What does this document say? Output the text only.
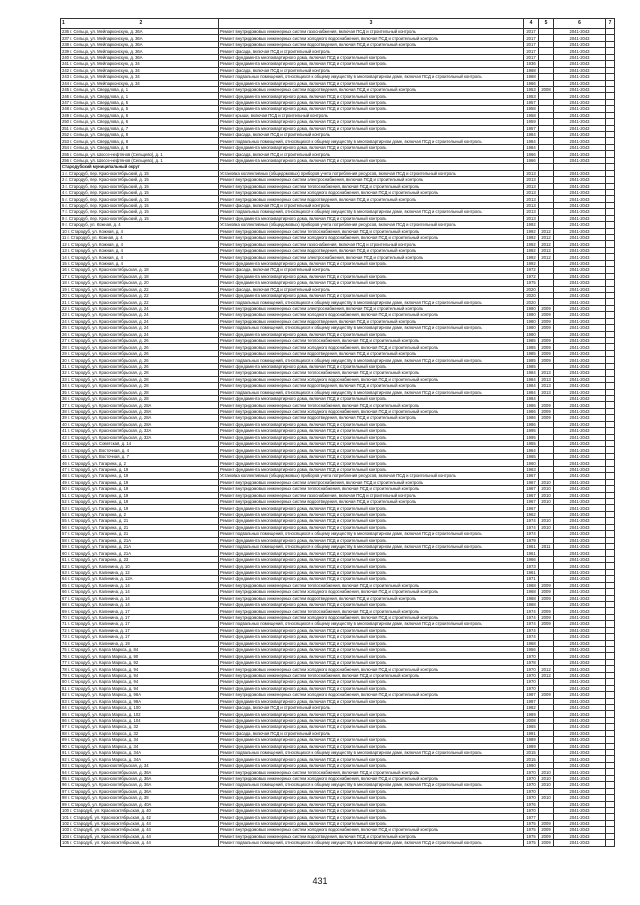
1 2	3	4	5	6	7
236 г. Сельцо, ул. Мейпарконскую, д. 36А	Ремонт внутридомовых инженерных систем газоснабжения, включая ПСД и строительный контроль	2017		2041-2043	
237 г. Сельцо, ул. Мейпарконскую, д. 36А	Ремонт внутридомовых инженерных систем холодного водоснабжения, включая ПСД и строительный контроль	2017		2041-2043	
238 г. Сельцо, ул. Мейпарконскую, д. 36А	Ремонт внутридомовых инженерных систем водоотведения, включая ПСД и строительный контроль	2017		2041-2043	
239 г. Сельцо, ул. Мейпарконскую, д. 36А	Ремонт фасада, включая ПСД и строительный контроль	2017		2041-2043	
240 г. Сельцо, ул. Мейпарконскую, д. 36А	Ремонт фундамента многоквартирного дома, включая ПСД и строительный контроль	2017		2041-2043	
241 г. Сельцо, ул. Мейпарконскую, д. 34	Ремонт фундамента многоквартирного дома, включая ПСД и строительный контроль	1936		2041-2043	
242 г. Сельцо, ул. Мейпарконскую, д. 34	Ремонт фасада, включая ПСД и строительный контроль	1968		2041-2043	
243 г. Сельцо, ул. Мейпарконскую, д. 34	Ремонт подвальных помещений, относящихся к общему имуществу в многоквартирном доме, включая ПСД и строительный контроль	1968		2041-2043	
244 г. Сельцо, ул. Мейпарконскую, д. 34	Ремонт фундамента многоквартирного дома, включая ПСД и строительный контроль	1966		2041-2043	
245 г. Сельцо, ул. Свердлова, д. 1	Ремонт внутридомовых инженерных систем водоотведения, включая ПСД и строительный контроль	1953	2008	2041-2043	
246 г. Сельцо, ул. Свердлова, д. 1	Ремонт фундамента многоквартирного дома, включая ПСД и строительный контроль	1953		2041-2043	
247 г. Сельцо, ул. Свердлова, д. 5	Ремонт фундамента многоквартирного дома, включая ПСД и строительный контроль	1957		2041-2043	
248 г. Сельцо, ул. Свердлова, д. 5	Ремонт фундамента многоквартирного дома, включая ПСД и строительный контроль	1958		2041-2043	
249 г. Сельцо, ул. Свердлова, д. 6	Ремонт крыши, включая ПСД и строительный контроль	1958		2041-2043	
250 г. Сельцо, ул. Свердлова, д. 6	Ремонт фундамента многоквартирного дома, включая ПСД и строительный контроль	1959		2041-2043	
251 г. Сельцо, ул. Свердлова, д. 7	Ремонт фундамента многоквартирного дома, включая ПСД и строительный контроль	1957		2041-2043	
252 г. Сельцо, ул. Свердлова, д. 8	Ремонт фасада, включая ПСД и строительный контроль	1984		2041-2043	
253 г. Сельцо, ул. Свердлова, д. 8	Ремонт подвальных помещений, относящихся к общему имуществу в многоквартирном доме, включая ПСД и строительный контроль	1984		2041-2043	
254 г. Сельцо, ул. Свердлова, д. 8	Ремонт фундамента многоквартирного дома, включая ПСД и строительный контроль	1984		2041-2043	
255 г. Сельцо, ул. Шоссе-нефтянов (Сельцево), д. 1	Ремонт фасада, включая ПСД и строительный контроль	1966		2041-2043	
256 г. Сельцо, ул. Шоссе-нефтянов (Сельцево), д. 1	Ремонт фундамента многоквартирного дома, включая ПСД и строительный контроль	1966		2041-2043	
Стародубский муниципальный округ					
1 г. Стародуб, пер. Краснооктябрьский, д. 15	Установка коллективных (общедомовых) приборов учета потребления ресурсов, включая ПСД и строительный контроль	2013		2041-2043	
2 г. Стародуб, пер. Краснооктябрьский, д. 15	Ремонт внутридомовых инженерных систем электроснабжения, включая ПСД и строительный контроль	2013		2041-2043	
3 г. Стародуб, пер. Краснооктябрьский, д. 15	Ремонт внутридомовых инженерных систем теплоснабжения, включая ПСД и строительный контроль	2013		2041-2043	
4 г. Стародуб, пер. Краснооктябрьский, д. 15	Ремонт внутридомовых инженерных систем холодного водоснабжения, включая ПСД и строительный контроль	2013		2041-2043	
5 г. Стародуб, пер. Краснооктябрьский, д. 15	Ремонт внутридомовых инженерных систем водоотведения, включая ПСД и строительный контроль	2013		2041-2043	
6 г. Стародуб, пер. Краснооктябрьский, д. 15	Ремонт фасада, включая ПСД и строительный контроль	2013		2041-2043	
7 г. Стародуб, пер. Краснооктябрьский, д. 15	Ремонт подвальных помещений, относящихся к общему имуществу в многоквартирном доме, включая ПСД и строительный контроль	2013		2041-2043	
8 г. Стародуб, пер. Краснооктябрьский, д. 15	Ремонт фундамента многоквартирного дома, включая ПСД и строительный контроль	2013		2041-2043	
9 г. Стародуб, ул. Кожная, д. 4	Установка коллективных (общедомовых) приборов учета потребления ресурсов, включая ПСД и строительный контроль	1992		2041-2043	
10 г. Стародуб, ул. Кожная, д. 4	Ремонт внутридомовых инженерных систем теплоснабжения, включая ПСД и строительный контроль	1992	2012	2041-2043	
11 г. Стародуб, ул. Кожная, д. 4	Ремонт внутридомовых инженерных систем холодного водоснабжения, включая ПСД и строительный контроль	1992	2012	2041-2043	
12 г. Стародуб, ул. Кожная, д. 4	Ремонт внутридомовых инженерных систем газоснабжения, включая ПСД и строительный контроль	1992	2012	2041-2043	
13 г. Стародуб, ул. Кожная, д. 4	Ремонт внутридомовых инженерных систем водоотведения, включая ПСД и строительный контроль	1992	2012	2041-2043	
14 г. Стародуб, ул. Кожная, д. 4	Ремонт внутридомовых инженерных систем электроснабжения, включая ПСД и строительный контроль	1992	2012	2041-2043	
15 г. Стародуб, ул. Кожная, д. 4	Ремонт фундамента многоквартирного дома, включая ПСД и строительный контроль	1992		2041-2043	
16 г. Стародуб, ул. Краснооктябрьская, д. 18	Ремонт фасада, включая ПСД и строительный контроль	1972		2041-2043	
17 г. Стародуб, ул. Краснооктябрьская, д. 18	Ремонт фундамента многоквартирного дома, включая ПСД и строительный контроль	1972		2041-2043	
18 г. Стародуб, ул. Краснооктябрьская, д. 20	Ремонт фундамента многоквартирного дома, включая ПСД и строительный контроль	1975		2041-2043	
19 г. Стародуб, ул. Краснооктябрьская, д. 22	Ремонт фасада, включая ПСД и строительный контроль	2020		2041-2043	
20 г. Стародуб, ул. Краснооктябрьская, д. 22	Ремонт фундамента многоквартирного дома, включая ПСД и строительный контроль	2020		2041-2043	
21 г. Стародуб, ул. Краснооктябрьская, д. 22	Ремонт подвальных помещений, относящихся к общему имуществу в многоквартирном доме, включая ПСД и строительный контроль	2020		2041-2043	
22 г. Стародуб, ул. Краснооктябрьская, д. 24	Ремонт внутридомовых инженерных систем электроснабжения, включая ПСД и строительный контроль	1980	2009	2041-2043	
23 г. Стародуб, ул. Краснооктябрьская, д. 24	Ремонт внутридомовых инженерных систем холодного водоснабжения, включая ПСД и строительный контроль	1980	2009	2041-2043	
24 г. Стародуб, ул. Краснооктябрьская, д. 24	Ремонт внутридомовых инженерных систем водоотведения, включая ПСД и строительный контроль	1980	2009	2041-2043	
25 г. Стародуб, ул. Краснооктябрьская, д. 24	Ремонт подвальных помещений, относящихся к общему имуществу в многоквартирном доме, включая ПСД и строительный контроль	1980	2009	2041-2043	
26 г. Стародуб, ул. Краснооктябрьская, д. 24	Ремонт фундамента многоквартирного дома, включая ПСД и строительный контроль	1980		2041-2043	
27 г. Стародуб, ул. Краснооктябрьская, д. 26	Ремонт внутридомовых инженерных систем теплоснабжения, включая ПСД и строительный контроль	1985	2009	2041-2043	
28 г. Стародуб, ул. Краснооктябрьская, д. 26	Ремонт внутридомовых инженерных систем холодного водоснабжения, включая ПСД и строительный контроль	1985	2009	2041-2043	
29 г. Стародуб, ул. Краснооктябрьская, д. 26	Ремонт внутридомовых инженерных систем водоотведения, включая ПСД и строительный контроль	1985	2009	2041-2043	
30 г. Стародуб, ул. Краснооктябрьская, д. 26	Ремонт подвальных помещений, относящихся к общему имуществу в многоквартирном доме, включая ПСД и строительный контроль	1985	2009	2041-2043	
31 г. Стародуб, ул. Краснооктябрьская, д. 26	Ремонт фундамента многоквартирного дома, включая ПСД и строительный контроль	1985		2041-2043	
32 г. Стародуб, ул. Краснооктябрьская, д. 28	Ремонт внутридомовых инженерных систем теплоснабжения, включая ПСД и строительный контроль	1984	2013	2041-2043	
33 г. Стародуб, ул. Краснооктябрьская, д. 28	Ремонт внутридомовых инженерных систем холодного водоснабжения, включая ПСД и строительный контроль	1984	2013	2041-2043	
34 г. Стародуб, ул. Краснооктябрьская, д. 28	Ремонт внутридомовых инженерных систем водоотведения, включая ПСД и строительный контроль	1984	2013	2041-2043	
35 г. Стародуб, ул. Краснооктябрьская, д. 28	Ремонт подвальных помещений, относящихся к общему имуществу в многоквартирном доме, включая ПСД и строительный контроль	1984	2013	2041-2043	
36 г. Стародуб, ул. Краснооктябрьская, д. 28	Ремонт фундамента многоквартирного дома, включая ПСД и строительный контроль	1984		2041-2043	
37 г. Стародуб, ул. Краснооктябрьская, д. 28А	Ремонт внутридомовых инженерных систем теплоснабжения, включая ПСД и строительный контроль	1986	2009	2041-2043	
38 г. Стародуб, ул. Краснооктябрьская, д. 28А	Ремонт внутридомовых инженерных систем холодного водоснабжения, включая ПСД и строительный контроль	1986	2009	2041-2043	
39 г. Стародуб, ул. Краснооктябрьская, д. 28А	Ремонт внутридомовых инженерных систем водоотведения, включая ПСД и строительный контроль	1986	2009	2041-2043	
40 г. Стародуб, ул. Краснооктябрьская, д. 28А	Ремонт фундамента многоквартирного дома, включая ПСД и строительный контроль	1986		2041-2043	
41 г. Стародуб, ул. Краснооктябрьская, д. 32А	Ремонт фундамента многоквартирного дома, включая ПСД и строительный контроль	1995		2041-2043	
42 г. Стародуб, ул. Краснооктябрьская, д. 32А	Ремонт фундамента многоквартирного дома, включая ПСД и строительный контроль	1995		2041-2043	
43 г. Стародуб, ул. Советская, д. 14	Ремонт фундамента многоквартирного дома, включая ПСД и строительный контроль	1955		2041-2043	
44 г. Стародуб, ул. Восточная, д. 4	Ремонт фундамента многоквартирного дома, включая ПСД и строительный контроль	1964		2041-2043	
45 г. Стародуб, ул. Восточная, д. 7	Ремонт фундамента многоквартирного дома, включая ПСД и строительный контроль	1965		2041-2043	
46 г. Стародуб, ул. Гагарина, д. 2	Ремонт фундамента многоквартирного дома, включая ПСД и строительный контроль	1960		2041-2043	
47 г. Стародуб, ул. Гагарина, д. 19	Ремонт фундамента многоквартирного дома, включая ПСД и строительный контроль	1963		2041-2043	
48 г. Стародуб, ул. Гагарина, д. 19	Установка коллективных (общедомовых) приборов учета потребления ресурсов, включая ПСД и строительный контроль	1967		2041-2043	
49 г. Стародуб, ул. Гагарина, д. 19	Ремонт внутридомовых инженерных систем электроснабжения, включая ПСД и строительный контроль	1967	2010	2041-2043	
50 г. Стародуб, ул. Гагарина, д. 19	Ремонт внутридомовых инженерных систем теплоснабжения, включая ПСД и строительный контроль	1967	2010	2041-2043	
51 г. Стародуб, ул. Гагарина, д. 19	Ремонт внутридомовых инженерных систем газоснабжения, включая ПСД и строительный контроль	1967	2010	2041-2043	
52 г. Стародуб, ул. Гагарина, д. 19	Ремонт внутридомовых инженерных систем водоотведения, включая ПСД и строительный контроль	1967	2010	2041-2043	
53 г. Стародуб, ул. Гагарина, д. 19	Ремонт фундамента многоквартирного дома, включая ПСД и строительный контроль	1967		2041-2043	
54 г. Стародуб, ул. Гагарина, д. 2	Ремонт фундамента многоквартирного дома, включая ПСД и строительный контроль	1962		2041-2043	
55 г. Стародуб, ул. Гагарина, д. 21	Ремонт фундамента многоквартирного дома, включая ПСД и строительный контроль	1974	2010	2041-2043	
56 г. Стародуб, ул. Гагарина, д. 21	Ремонт фундамента многоквартирного дома, включая ПСД и строительный контроль	1974	2010	2041-2043	
57 г. Стародуб, ул. Гагарина, д. 21	Ремонт подвальных помещений, относящихся к общему имуществу в многоквартирном доме, включая ПСД и строительный контроль	1974		2041-2043	
58 г. Стародуб, ул. Гагарина, д. 21А	Ремонт фундамента многоквартирного дома, включая ПСД и строительный контроль	1979		2041-2043	
59 г. Стародуб, ул. Гагарина, д. 21А	Ремонт подвальных помещений, относящихся к общему имуществу в многоквартирном доме, включая ПСД и строительный контроль	1961	2011	2041-2043	
60 г. Стародуб, ул. Гагарина, д. 21А	Ремонт фундамента многоквартирного дома, включая ПСД и строительный контроль	1961		2041-2043	
61 г. Стародуб, ул. Гагарина, д. 23	Ремонт фундамента многоквартирного дома, включая ПСД и строительный контроль	1966		2041-2043	
62 г. Стародуб, ул. Калинина, д. 10	Ремонт фундамента многоквартирного дома, включая ПСД и строительный контроль	1973		2041-2043	
63 г. Стародуб, ул. Калинина, д. 12	Ремонт фундамента многоквартирного дома, включая ПСД и строительный контроль	1961		2041-2043	
64 г. Стародуб, ул. Калинина, д. 12А	Ремонт фундамента многоквартирного дома, включая ПСД и строительный контроль	1971		2041-2043	
65 г. Стародуб, ул. Калинина, д. 14	Ремонт внутридомовых инженерных систем теплоснабжения, включая ПСД и строительный контроль	1968	2009	2041-2043	
66 г. Стародуб, ул. Калинина, д. 14	Ремонт внутридомовых инженерных систем холодного водоснабжения, включая ПСД и строительный контроль	1968	2009	2041-2043	
67 г. Стародуб, ул. Калинина, д. 14	Ремонт внутридомовых инженерных систем водоотведения, включая ПСД и строительный контроль	1968	2009	2041-2043	
68 г. Стародуб, ул. Калинина, д. 14	Ремонт фундамента многоквартирного дома, включая ПСД и строительный контроль	1968		2041-2043	
69 г. Стародуб, ул. Калинина, д. 17	Ремонт внутридомовых инженерных систем теплоснабжения, включая ПСД и строительный контроль	1974	2009	2041-2043	
70 г. Стародуб, ул. Калинина, д. 17	Ремонт внутридомовых инженерных систем холодного водоснабжения, включая ПСД и строительный контроль	1974	2009	2041-2043	
71 г. Стародуб, ул. Калинина, д. 17	Ремонт подвальных помещений, относящихся к общему имуществу в многоквартирном доме, включая ПСД и строительный контроль	1974	2009	2041-2043	
72 г. Стародуб, ул. Калинина, д. 17	Ремонт фундамента многоквартирного дома, включая ПСД и строительный контроль	1974		2041-2043	
73 г. Стародуб, ул. Калинина, д. 17	Ремонт фундамента многоквартирного дома, включая ПСД и строительный контроль	1974		2041-2043	
74 г. Стародуб, ул. Калинина, д. 19	Ремонт фундамента многоквартирного дома, включая ПСД и строительный контроль	1968		2041-2043	
75 г. Стародуб, ул. Карла Маркса, д. 84	Ремонт фундамента многоквартирного дома, включая ПСД и строительный контроль	1956		2041-2043	
76 г. Стародуб, ул. Карла Маркса, д. 90	Ремонт фундамента многоквартирного дома, включая ПСД и строительный контроль	1970		2041-2043	
77 г. Стародуб, ул. Карла Маркса, д. 92	Ремонт фундамента многоквартирного дома, включая ПСД и строительный контроль	1978		2041-2043	
78 г. Стародуб, ул. Карла Маркса, д. 94	Ремонт внутридомовых инженерных систем холодного водоснабжения, включая ПСД и строительный контроль	1970	2012	2041-2043	
79 г. Стародуб, ул. Карла Маркса, д. 94	Ремонт внутридомовых инженерных систем теплоснабжения, включая ПСД и строительный контроль	1970	2012	2041-2043	
80 г. Стародуб, ул. Карла Маркса, д. 94	Ремонт фундамента многоквартирного дома, включая ПСД и строительный контроль	1970		2041-2043	
81 г. Стародуб, ул. Карла Маркса, д. 94	Ремонт фундамента многоквартирного дома, включая ПСД и строительный контроль	1970		2041-2043	
82 г. Стародуб, ул. Карла Маркса, д. 98А	Ремонт внутридомовых инженерных систем холодного водоснабжения, включая ПСД и строительный контроль	1987	2009	2041-2043	
83 г. Стародуб, ул. Карла Маркса, д. 98А	Ремонт фундамента многоквартирного дома, включая ПСД и строительный контроль	1987		2041-2043	
84 г. Стародуб, ул. Карла Маркса, д. 100	Ремонт фасада, включая ПСД и строительный контроль	1982		2041-2043	
85 г. Стародуб, ул. Карла Маркса, д. 102	Ремонт фундамента многоквартирного дома, включая ПСД и строительный контроль	1989		2041-2043	
86 г. Стародуб, ул. Карла Маркса, д. 104	Ремонт фундамента многоквартирного дома, включая ПСД и строительный контроль	2008		2041-2043	
87 г. Стародуб, ул. Карла Маркса, д. 32	Ремонт фундамента многоквартирного дома, включая ПСД и строительный контроль	1965		2041-2043	
88 г. Стародуб, ул. Карла Маркса, д. 32	Ремонт фасада, включая ПСД и строительный контроль	1991		2041-2043	
89 г. Стародуб, ул. Карла Маркса, д. 34	Ремонт фундамента многоквартирного дома, включая ПСД и строительный контроль	1989		2041-2043	
90 г. Стародуб, ул. Карла Маркса, д. 34	Ремонт фундамента многоквартирного дома, включая ПСД и строительный контроль	1989		2041-2043	
91 г. Стародуб, ул. Карла Маркса, д. 34А	Ремонт подвальных помещений, относящихся к общему имуществу в многоквартирном доме, включая ПСД и строительный контроль	2015		2041-2043	
92 г. Стародуб, ул. Карла Маркса, д. 34А	Ремонт фундамента многоквартирного дома, включая ПСД и строительный контроль	2015		2041-2043	
93 г. Стародуб, ул. Краснооктябрьская, д. 34	Ремонт фундамента многоквартирного дома, включая ПСД и строительный контроль	1990		2041-2043	
94 г. Стародуб, ул. Краснооктябрьская, д. 36А	Ремонт внутридомовых инженерных систем теплоснабжения, включая ПСД и строительный контроль	1970	2010	2041-2043	
95 г. Стародуб, ул. Краснооктябрьская, д. 36А	Ремонт внутридомовых инженерных систем холодного водоснабжения, включая ПСД и строительный контроль	1970	2010	2041-2043	
96 г. Стародуб, ул. Краснооктябрьская, д. 36А	Ремонт подвальных помещений, относящихся к общему имуществу в многоквартирном доме, включая ПСД и строительный контроль	1970	2010	2041-2043	
97 г. Стародуб, ул. Краснооктябрьская, д. 36А	Ремонт фундамента многоквартирного дома, включая ПСД и строительный контроль	1970		2041-2043	
98 г. Стародуб, ул. Краснооктябрьская, д. 38	Ремонт фундамента многоквартирного дома, включая ПСД и строительный контроль	1970	2010	2041-2043	
99 г. Стародуб, ул. Краснооктябрьская, д. 40А	Ремонт фундамента многоквартирного дома, включая ПСД и строительный контроль	1976		2041-2043	
100 г. Стародуб, ул. Краснооктябрьская, д. 40	Ремонт фундамента многоквартирного дома, включая ПСД и строительный контроль	1970		2041-2043	
101 г. Стародуб, ул. Краснооктябрьская, д. 42	Ремонт фундамента многоквартирного дома, включая ПСД и строительный контроль	1977		2041-2043	
102 г. Стародуб, ул. Краснооктябрьская, д. 44	Ремонт фундамента многоквартирного дома, включая ПСД и строительный контроль	1975	2009	2041-2043	
103 г. Стародуб, ул. Краснооктябрьская, д. 44	Ремонт внутридомовых инженерных систем холодного водоснабжения, включая ПСД и строительный контроль	1975	2009	2041-2043	
104 г. Стародуб, ул. Краснооктябрьская, д. 44	Ремонт внутридомовых инженерных систем водоотведения, включая ПСД и строительный контроль	1975	2009	2041-2043	
105 г. Стародуб, ул. Краснооктябрьская, д. 44	Ремонт подвальных помещений, относящихся к общему имуществу в многоквартирном доме, включая ПСД и строительный контроль	1975	2009	2041-2043	
431
